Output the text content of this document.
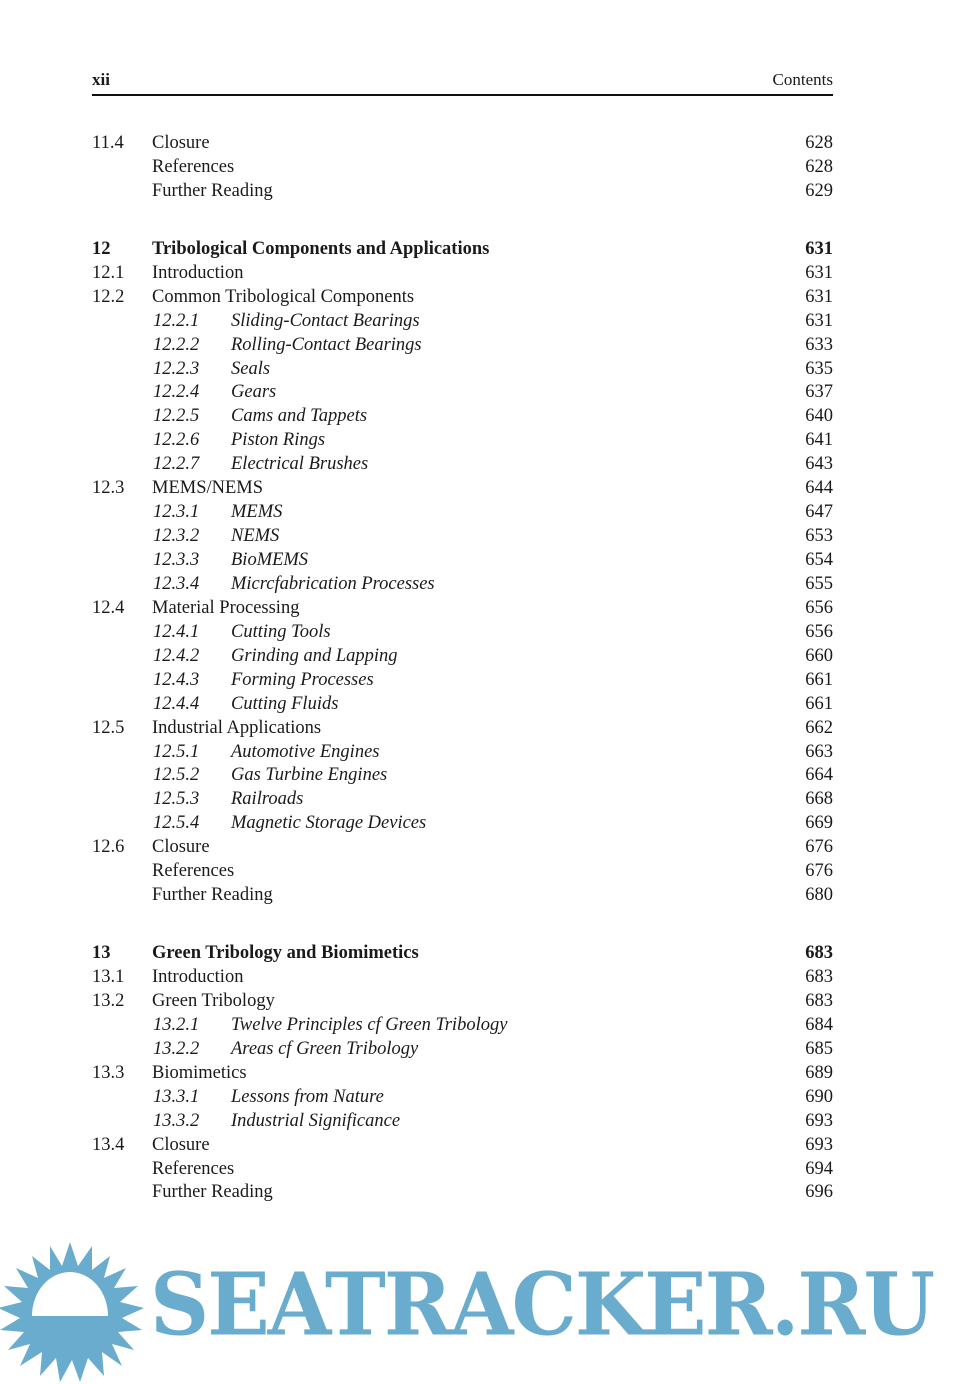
xii	Contents
11.4 Closure	628
References	628
Further Reading	629
12 Tribological Components and Applications	631
12.1 Introduction	631
12.2 Common Tribological Components	631
12.2.1 Sliding-Contact Bearings	631
12.2.2 Rolling-Contact Bearings	633
12.2.3 Seals	635
12.2.4 Gears	637
12.2.5 Cams and Tappets	640
12.2.6 Piston Rings	641
12.2.7 Electrical Brushes	643
12.3 MEMS/NEMS	644
12.3.1 MEMS	647
12.3.2 NEMS	653
12.3.3 BioMEMS	654
12.3.4 Micrcfabrication Processes	655
12.4 Material Processing	656
12.4.1 Cutting Tools	656
12.4.2 Grinding and Lapping	660
12.4.3 Forming Processes	661
12.4.4 Cutting Fluids	661
12.5 Industrial Applications	662
12.5.1 Automotive Engines	663
12.5.2 Gas Turbine Engines	664
12.5.3 Railroads	668
12.5.4 Magnetic Storage Devices	669
12.6 Closure	676
References	676
Further Reading	680
13 Green Tribology and Biomimetics	683
13.1 Introduction	683
13.2 Green Tribology	683
13.2.1 Twelve Principles cf Green Tribology	684
13.2.2 Areas cf Green Tribology	685
13.3 Biomimetics	689
13.3.1 Lessons from Nature	690
13.3.2 Industrial Significance	693
13.4 Closure	693
References	694
Further Reading	696
SEATRACKER.RU
